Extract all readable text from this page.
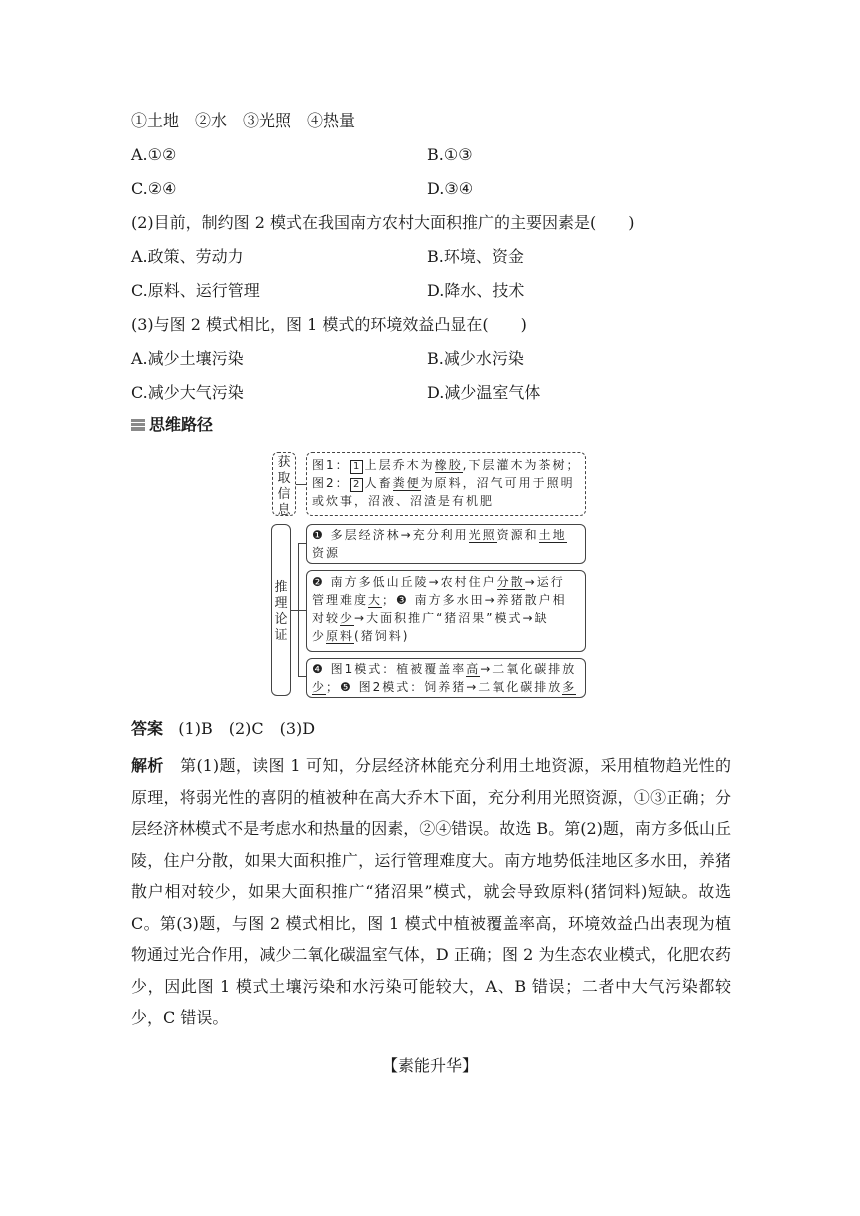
①土地　②水　③光照　④热量
A.①②	B.①③
C.②④	D.③④
(2)目前，制约图 2 模式在我国南方农村大面积推广的主要因素是(　　)
A.政策、劳动力	B.环境、资金
C.原料、运行管理	D.降水、技术
(3)与图 2 模式相比，图 1 模式的环境效益凸显在(　　)
A.减少土壤污染	B.减少水污染
C.减少大气污染	D.减少温室气体
思维路径
获取信息
图1： 1 上层乔木为橡胶,下层灌木为茶树；
图2： 2 人畜粪便为原料，沼气可用于照明
或炊事，沼液、沼渣是有机肥
推理论证
❶ 多层经济林→充分利用光照资源和土地
资源
❷ 南方多低山丘陵→农村住户分散→运行
管理难度大；❸ 南方多水田→养猪散户相
对较少→大面积推广“猪沼果”模式→缺
少原料(猪饲料)
❹ 图1模式：植被覆盖率高→二氧化碳排放
少；❺ 图2模式：饲养猪→二氧化碳排放多
答案 (1)B　(2)C　(3)D

解析 第(1)题，读图 1 可知，分层经济林能充分利用土地资源，采用植物趋光性的原理，将弱光性的喜阴的植被种在高大乔木下面，充分利用光照资源，①③正确；分层经济林模式不是考虑水和热量的因素，②④错误。故选 B。第(2)题，南方多低山丘陵，住户分散，如果大面积推广，运行管理难度大。南方地势低洼地区多水田，养猪散户相对较少，如果大面积推广“猪沼果”模式，就会导致原料(猪饲料)短缺。故选 C。第(3)题，与图 2 模式相比，图 1 模式中植被覆盖率高，环境效益凸出表现为植物通过光合作用，减少二氧化碳温室气体，D 正确；图 2 为生态农业模式，化肥农药少，因此图 1 模式土壤污染和水污染可能较大，A、B 错误；二者中大气污染都较少，C 错误。

【素能升华】
